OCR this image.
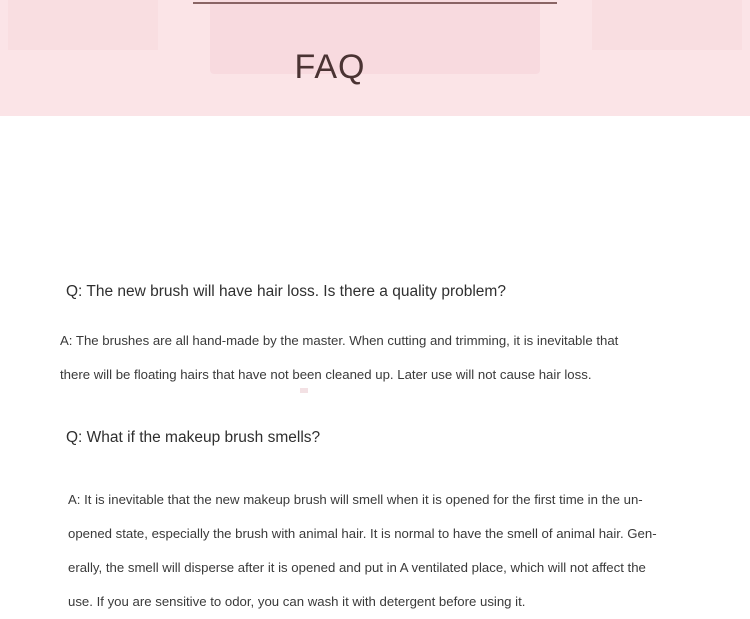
FAQ

Q: The new brush will have hair loss. Is there a quality problem?

A: The brushes are all hand-made by the master. When cutting and trimming, it is inevitable that
there will be floating hairs that have not been cleaned up. Later use will not cause hair loss.

Q: What if the makeup brush smells?

A: It is inevitable that the new makeup brush will smell when it is opened for the first time in the un-
opened state, especially the brush with animal hair. It is normal to have the smell of animal hair. Gen-
erally, the smell will disperse after it is opened and put in A ventilated place, which will not affect the
use. If you are sensitive to odor, you can wash it with detergent before using it.
